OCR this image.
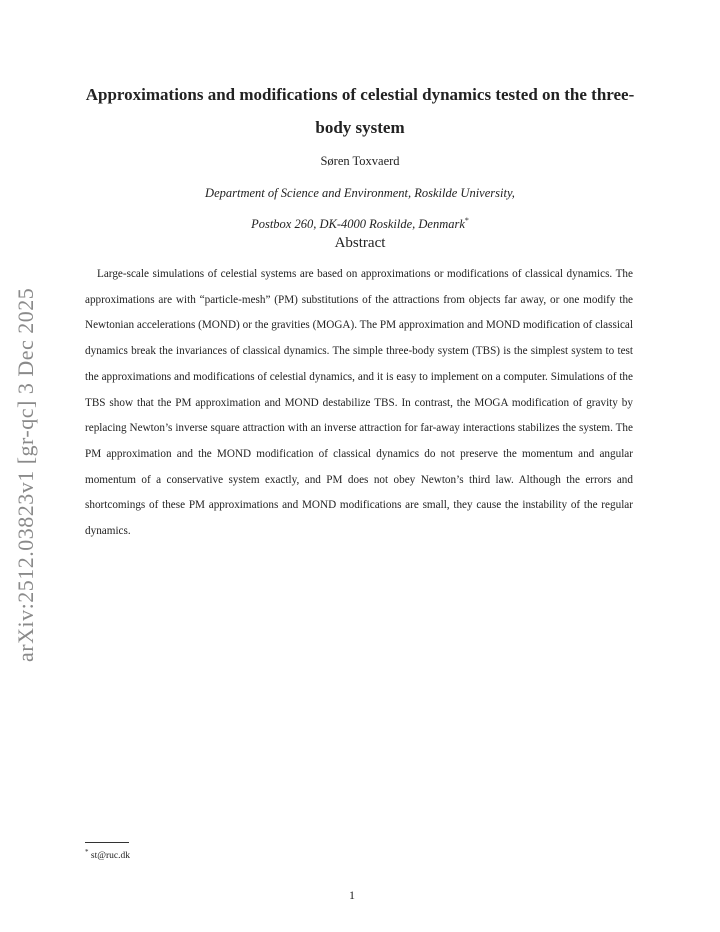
arXiv:2512.03823v1 [gr-qc] 3 Dec 2025
Approximations and modifications of celestial dynamics tested on the three-body system
Søren Toxvaerd
Department of Science and Environment, Roskilde University,
Postbox 260, DK-4000 Roskilde, Denmark*
Abstract
Large-scale simulations of celestial systems are based on approximations or modifications of classical dynamics. The approximations are with “particle-mesh” (PM) substitutions of the attractions from objects far away, or one modify the Newtonian accelerations (MOND) or the gravities (MOGA). The PM approximation and MOND modification of classical dynamics break the invariances of classical dynamics. The simple three-body system (TBS) is the simplest system to test the approximations and modifications of celestial dynamics, and it is easy to implement on a computer. Simulations of the TBS show that the PM approximation and MOND destabilize TBS. In contrast, the MOGA modification of gravity by replacing Newton’s inverse square attraction with an inverse attraction for far-away interactions stabilizes the system. The PM approximation and the MOND modification of classical dynamics do not preserve the momentum and angular momentum of a conservative system exactly, and PM does not obey Newton’s third law. Although the errors and shortcomings of these PM approximations and MOND modifications are small, they cause the instability of the regular dynamics.
* st@ruc.dk
1
